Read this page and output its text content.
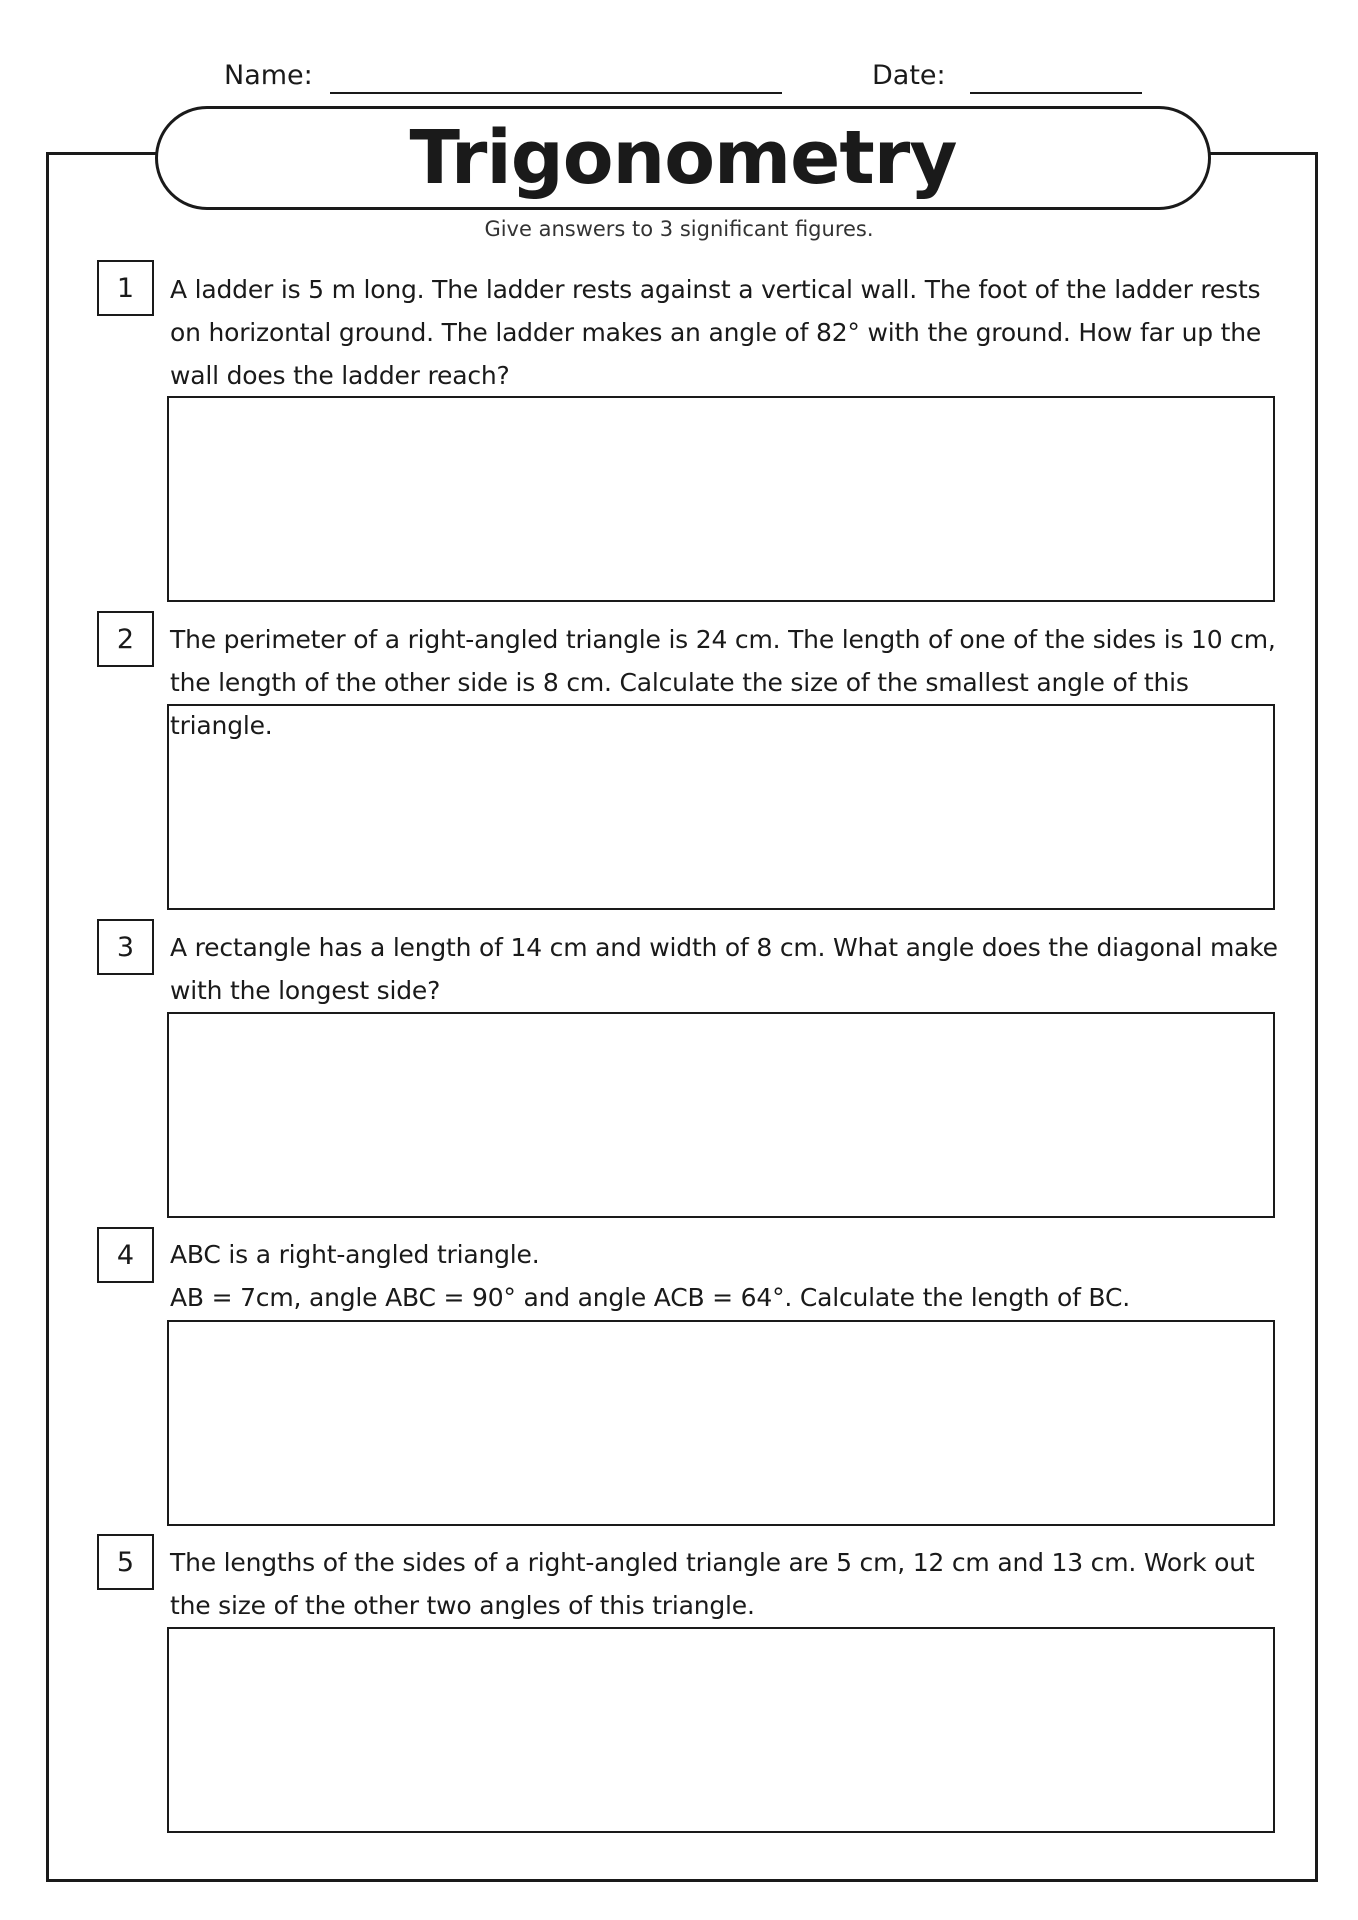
Name:	Date:
Trigonometry
Give answers to 3 significant figures.
1	A ladder is 5 m long. The ladder rests against a vertical wall. The foot of the ladder rests on horizontal ground. The ladder makes an angle of 82° with the ground. How far up the wall does the ladder reach?
2	The perimeter of a right-angled triangle is 24 cm. The length of one of the sides is 10 cm, the length of the other side is 8 cm. Calculate the size of the smallest angle of this triangle.
3	A rectangle has a length of 14 cm and width of 8 cm. What angle does the diagonal make with the longest side?
4	ABC is a right-angled triangle.
AB = 7cm, angle ABC = 90° and angle ACB = 64°. Calculate the length of BC.
5	The lengths of the sides of a right-angled triangle are 5 cm, 12 cm and 13 cm. Work out the size of the other two angles of this triangle.
